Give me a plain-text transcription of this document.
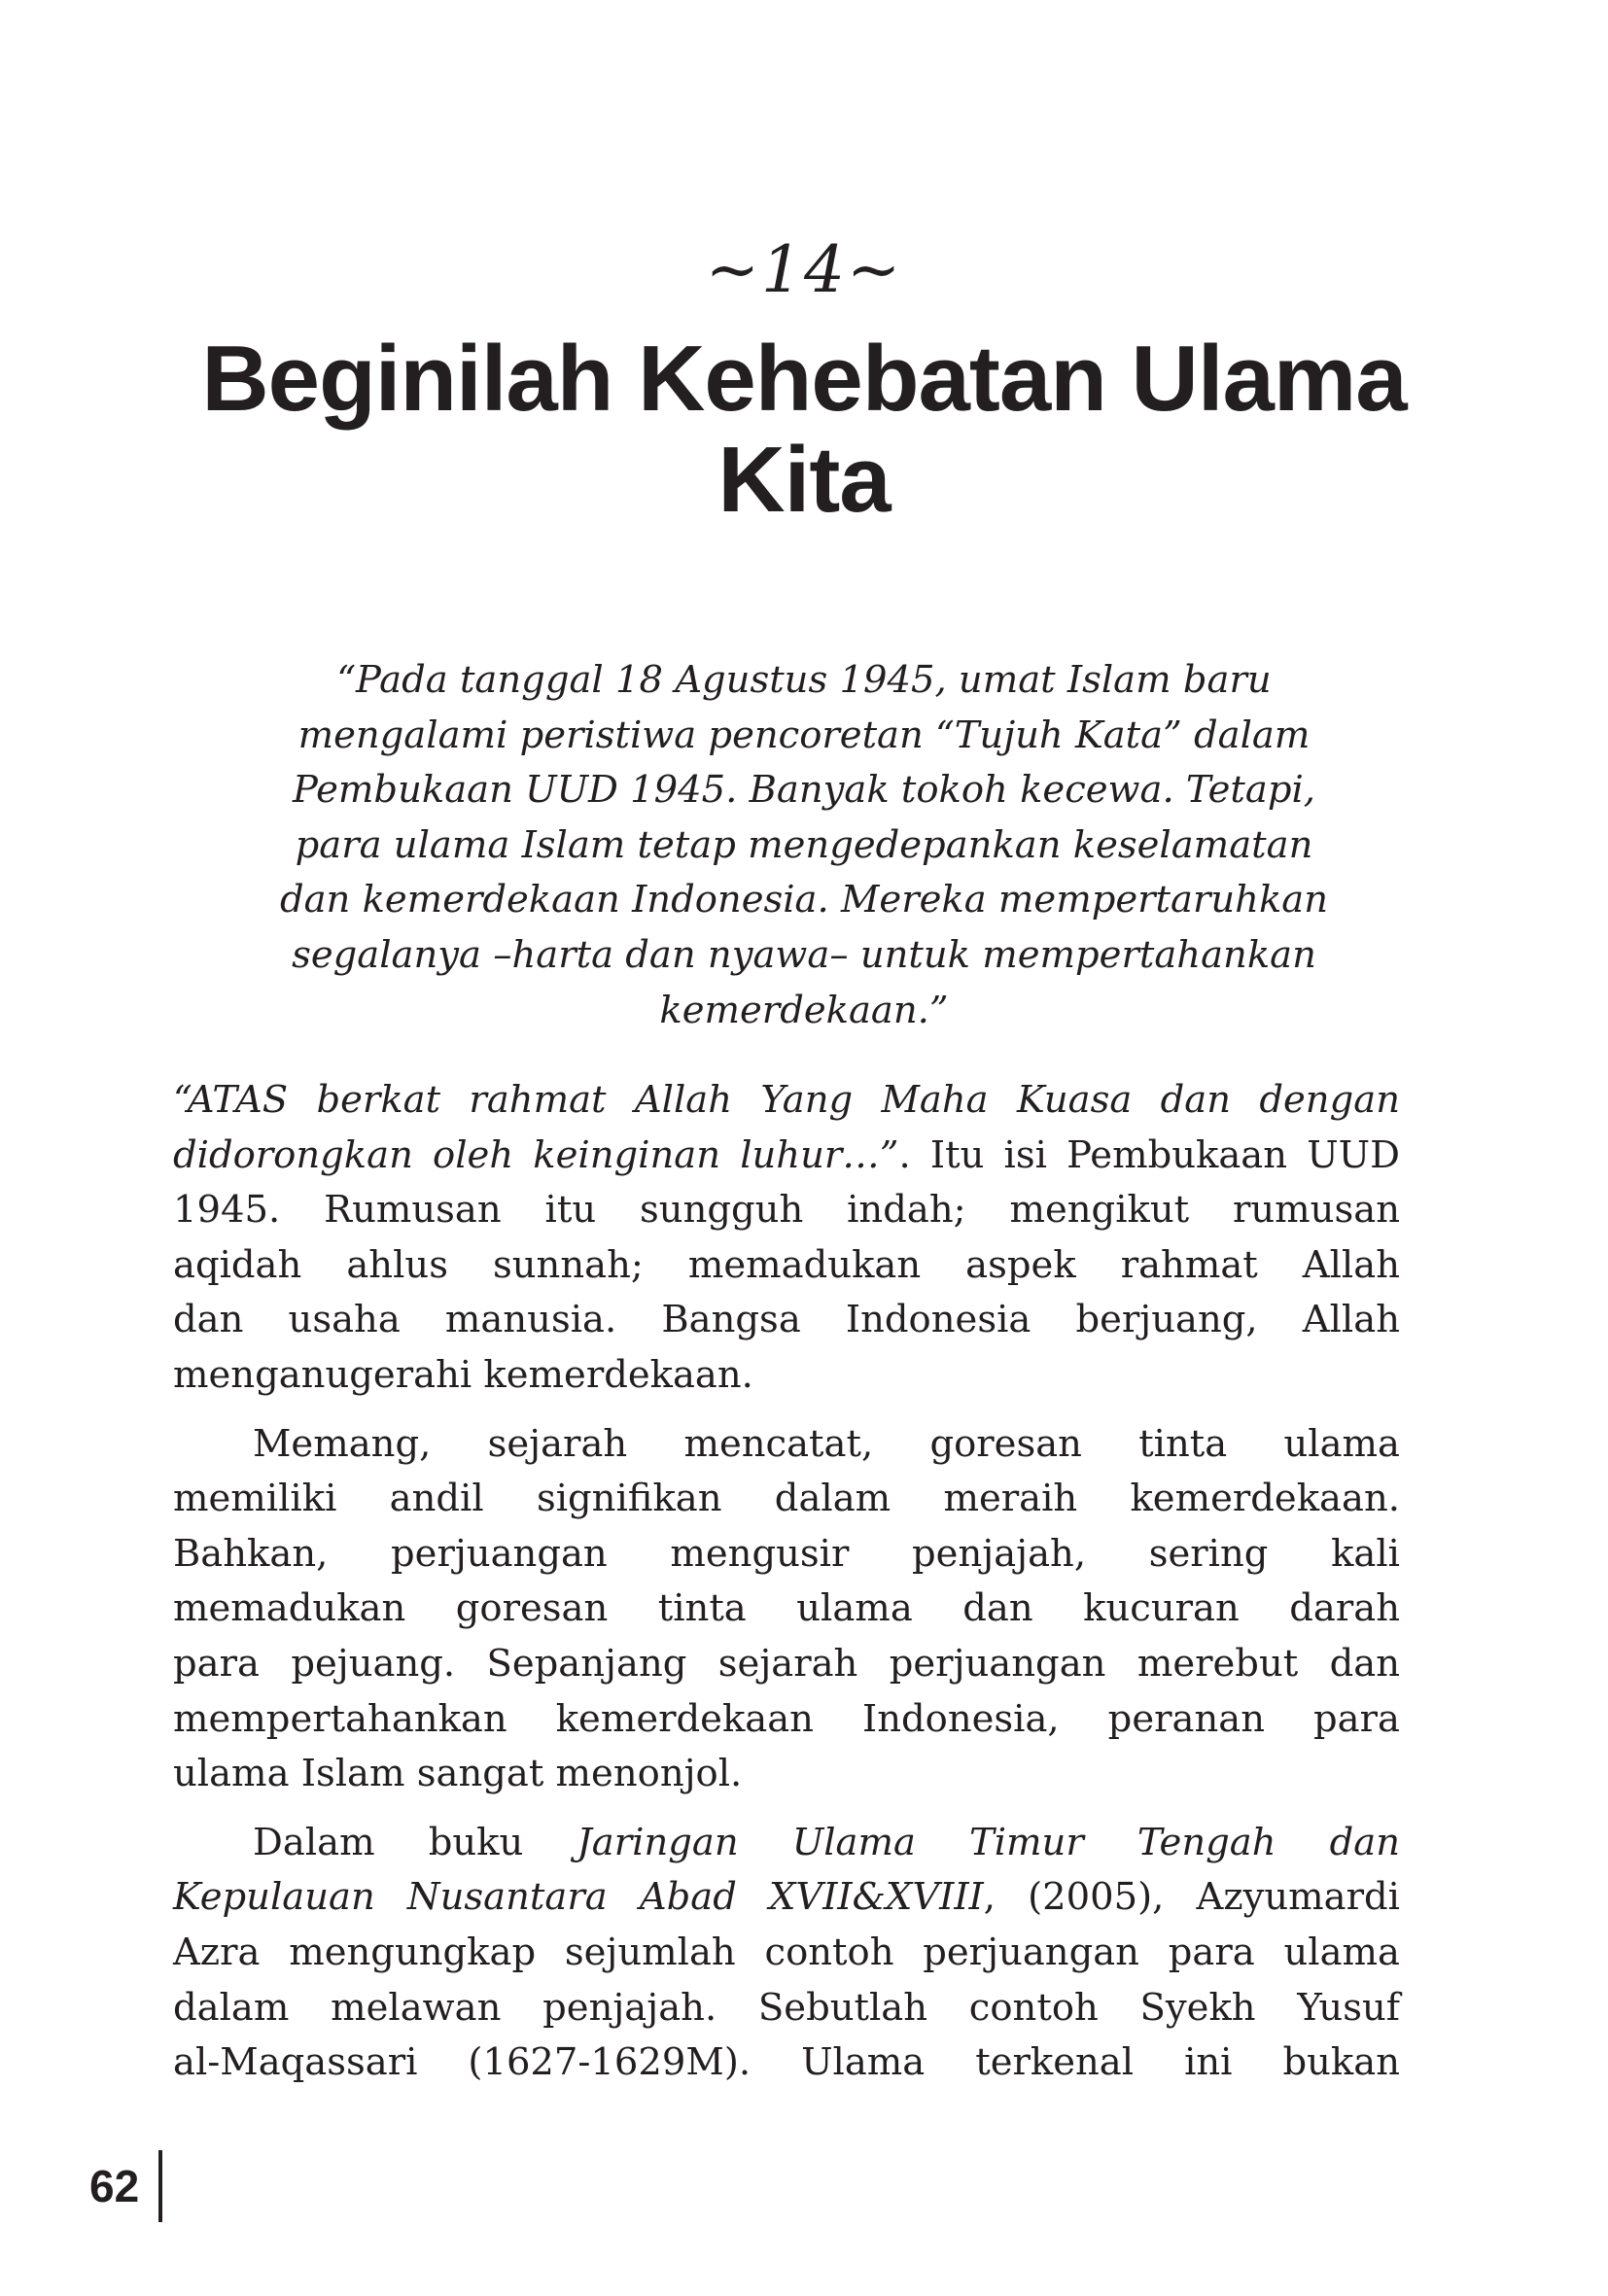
~14~
Beginilah Kehebatan Ulama
Kita
“Pada tanggal 18 Agustus 1945, umat Islam baru
mengalami peristiwa pencoretan “Tujuh Kata” dalam
Pembukaan UUD 1945. Banyak tokoh kecewa. Tetapi,
para ulama Islam tetap mengedepankan keselamatan
dan kemerdekaan Indonesia. Mereka mempertaruhkan
segalanya –harta dan nyawa– untuk mempertahankan
kemerdekaan.”

“ATAS berkat rahmat Allah Yang Maha Kuasa dan dengan
didorongkan oleh keinginan luhur…”. Itu isi Pembukaan UUD
1945. Rumusan itu sungguh indah; mengikut rumusan
aqidah ahlus sunnah; memadukan aspek rahmat Allah
dan usaha manusia. Bangsa Indonesia berjuang, Allah
menganugerahi kemerdekaan.

Memang, sejarah mencatat, goresan tinta ulama
memiliki andil signifikan dalam meraih kemerdekaan.
Bahkan, perjuangan mengusir penjajah, sering kali
memadukan goresan tinta ulama dan kucuran darah
para pejuang. Sepanjang sejarah perjuangan merebut dan
mempertahankan kemerdekaan Indonesia, peranan para
ulama Islam sangat menonjol.

Dalam buku Jaringan Ulama Timur Tengah dan
Kepulauan Nusantara Abad XVII&XVIII, (2005), Azyumardi
Azra mengungkap sejumlah contoh perjuangan para ulama
dalam melawan penjajah. Sebutlah contoh Syekh Yusuf
al-Maqassari (1627-1629M). Ulama terkenal ini bukan

62
